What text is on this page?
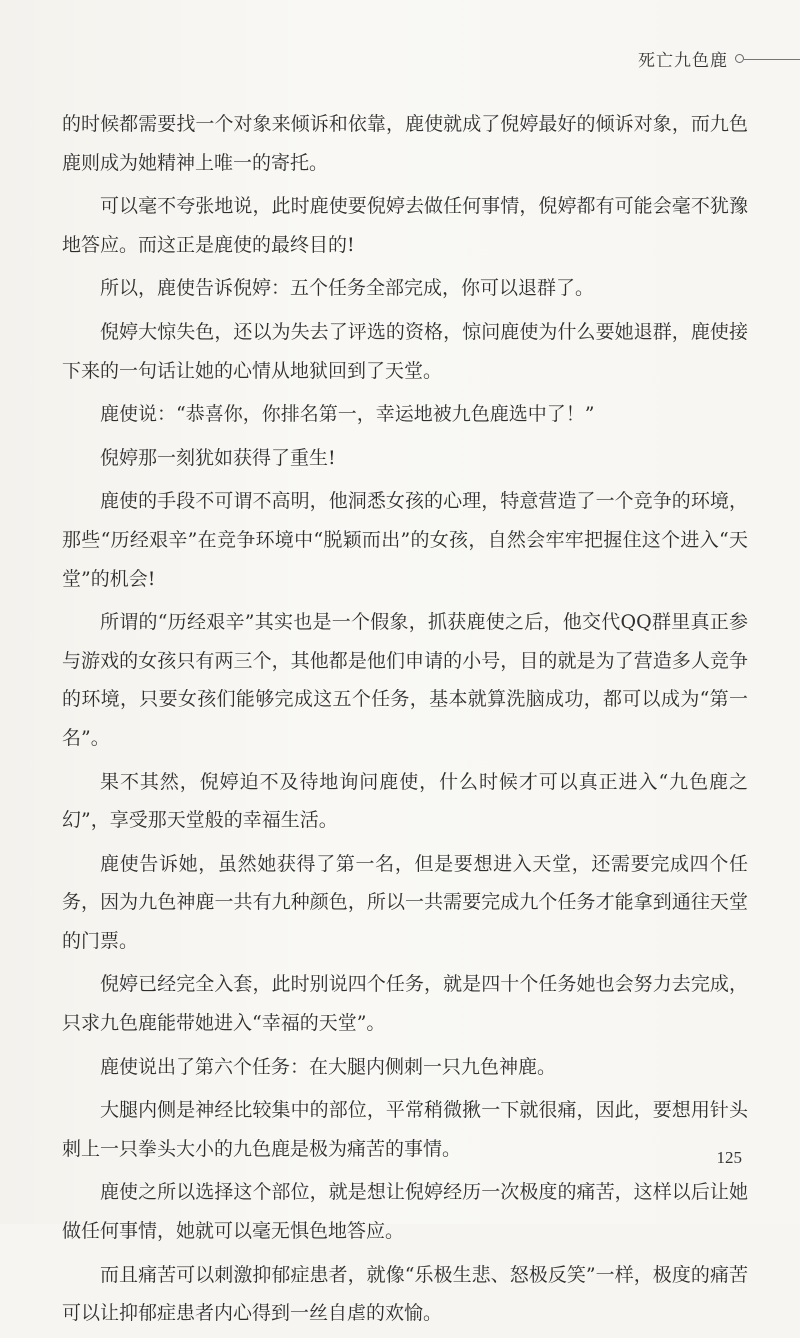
死亡九色鹿

的时候都需要找一个对象来倾诉和依靠，鹿使就成了倪婷最好的倾诉对象，而九色鹿则成为她精神上唯一的寄托。

可以毫不夸张地说，此时鹿使要倪婷去做任何事情，倪婷都有可能会毫不犹豫地答应。而这正是鹿使的最终目的!

所以，鹿使告诉倪婷：五个任务全部完成，你可以退群了。

倪婷大惊失色，还以为失去了评选的资格，惊问鹿使为什么要她退群，鹿使接下来的一句话让她的心情从地狱回到了天堂。

鹿使说：“恭喜你，你排名第一，幸运地被九色鹿选中了！”

倪婷那一刻犹如获得了重生!

鹿使的手段不可谓不高明，他洞悉女孩的心理，特意营造了一个竞争的环境，那些“历经艰辛”在竞争环境中“脱颖而出”的女孩，自然会牢牢把握住这个进入“天堂”的机会!

所谓的“历经艰辛”其实也是一个假象，抓获鹿使之后，他交代QQ群里真正参与游戏的女孩只有两三个，其他都是他们申请的小号，目的就是为了营造多人竞争的环境，只要女孩们能够完成这五个任务，基本就算洗脑成功，都可以成为“第一名”。

果不其然，倪婷迫不及待地询问鹿使，什么时候才可以真正进入“九色鹿之幻”，享受那天堂般的幸福生活。

鹿使告诉她，虽然她获得了第一名，但是要想进入天堂，还需要完成四个任务，因为九色神鹿一共有九种颜色，所以一共需要完成九个任务才能拿到通往天堂的门票。

倪婷已经完全入套，此时别说四个任务，就是四十个任务她也会努力去完成，只求九色鹿能带她进入“幸福的天堂”。

鹿使说出了第六个任务：在大腿内侧刺一只九色神鹿。

大腿内侧是神经比较集中的部位，平常稍微揪一下就很痛，因此，要想用针头刺上一只拳头大小的九色鹿是极为痛苦的事情。

鹿使之所以选择这个部位，就是想让倪婷经历一次极度的痛苦，这样以后让她做任何事情，她就可以毫无惧色地答应。

而且痛苦可以刺激抑郁症患者，就像“乐极生悲、怒极反笑”一样，极度的痛苦可以让抑郁症患者内心得到一丝自虐的欢愉。

125
